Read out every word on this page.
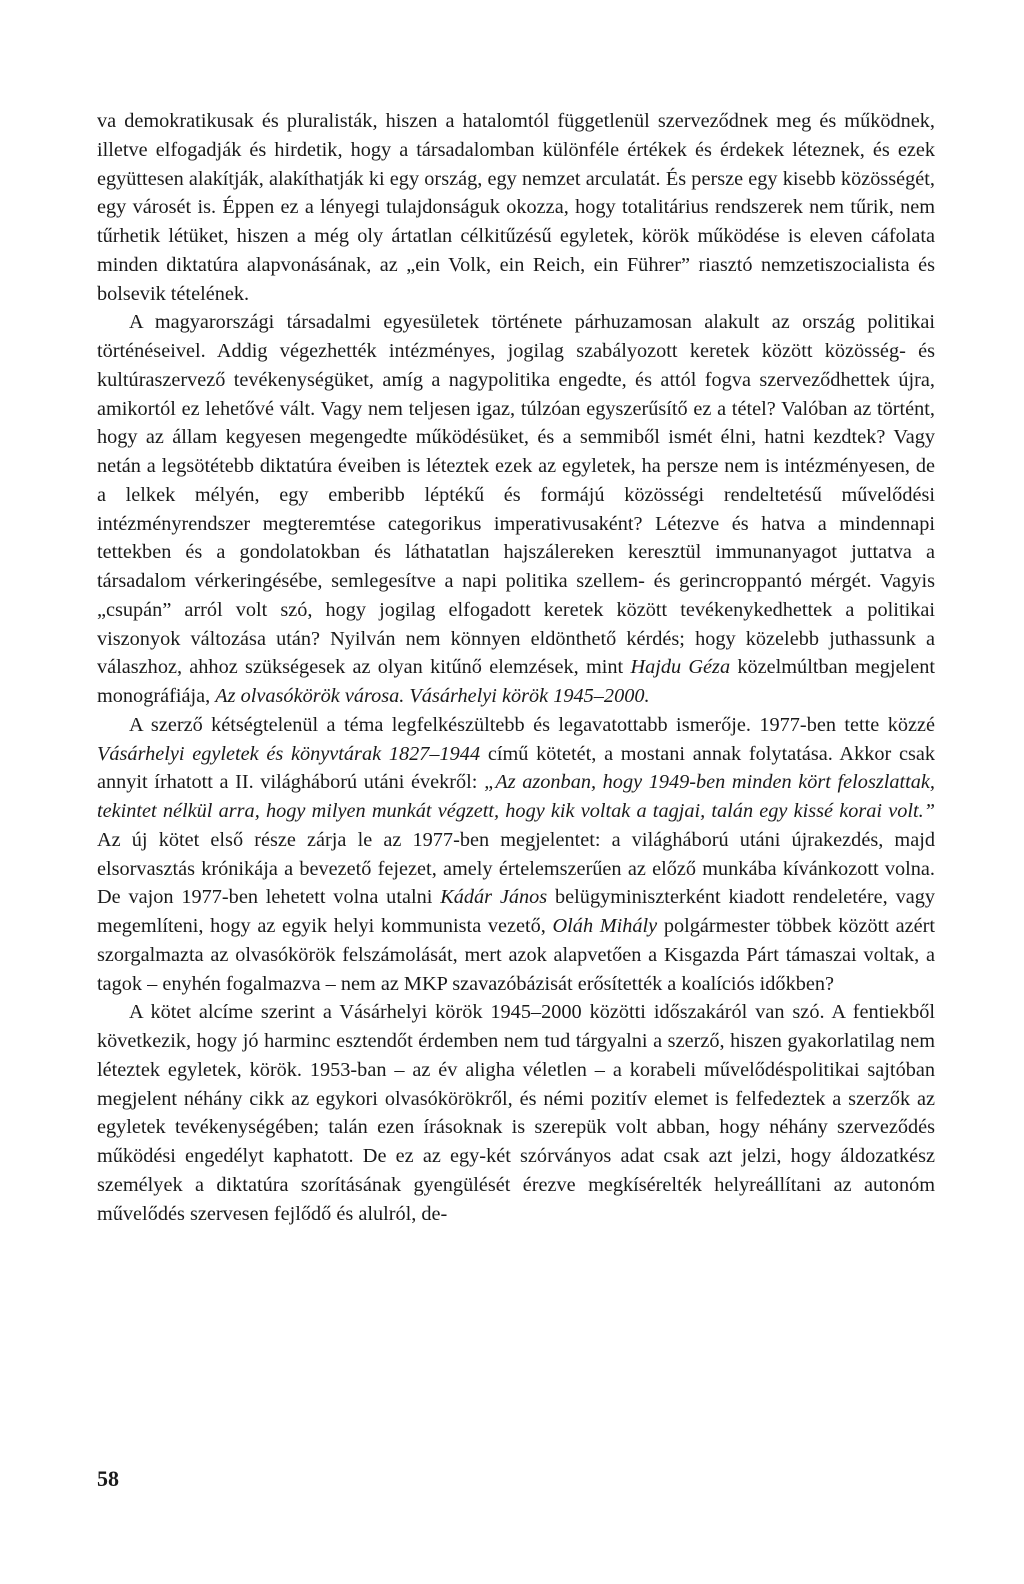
va demokratikusak és pluralisták, hiszen a hatalomtól függetlenül szerveződnek meg és működnek, illetve elfogadják és hirdetik, hogy a társadalomban különféle értékek és érdekek léteznek, és ezek együttesen alakítják, alakíthatják ki egy ország, egy nemzet arculatát. És persze egy kisebb közösségét, egy városét is. Éppen ez a lényegi tulajdonságuk okozza, hogy totalitárius rendszerek nem tűrik, nem tűrhetik létüket, hiszen a még oly ártatlan célkitűzésű egyletek, körök működése is eleven cáfolata minden diktatúra alapvonásának, az „ein Volk, ein Reich, ein Führer” riasztó nemzetiszocialista és bolsevik tételének.

A magyarországi társadalmi egyesületek története párhuzamosan alakult az ország politikai történéseivel. Addig végezhették intézményes, jogilag szabályozott keretek között közösség- és kultúraszervező tevékenységüket, amíg a nagypolitika engedte, és attól fogva szerveződhettek újra, amikortól ez lehetővé vált. Vagy nem teljesen igaz, túlzóan egyszerűsítő ez a tétel? Valóban az történt, hogy az állam kegyesen megengedte működésüket, és a semmiből ismét élni, hatni kezdtek? Vagy netán a legsötétebb diktatúra éveiben is léteztek ezek az egyletek, ha persze nem is intézményesen, de a lelkek mélyén, egy emberibb léptékű és formájú közösségi rendeltetésű művelődési intézményrendszer megteremtése categorikus imperativusaként? Létezve és hatva a mindennapi tettekben és a gondolatokban és láthatatlan hajszálereken keresztül immunanyagot juttatva a társadalom vérkeringésébe, semlegesítve a napi politika szellem- és gerincroppantó mérgét. Vagyis „csupán” arról volt szó, hogy jogilag elfogadott keretek között tevékenykedhettek a politikai viszonyok változása után? Nyilván nem könnyen eldönthető kérdés; hogy közelebb juthassunk a válaszhoz, ahhoz szükségesek az olyan kitűnő elemzések, mint Hajdu Géza közelmúltban megjelent monográfiája, Az olvasókörök városa. Vásárhelyi körök 1945–2000.

A szerző kétségtelenül a téma legfelkészültebb és legavatottabb ismerője. 1977-ben tette közzé Vásárhelyi egyletek és könyvtárak 1827–1944 című kötetét, a mostani annak folytatása. Akkor csak annyit írhatott a II. világháború utáni évekről: „Az azonban, hogy 1949-ben minden kört feloszlattak, tekintet nélkül arra, hogy milyen munkát végzett, hogy kik voltak a tagjai, talán egy kissé korai volt.” Az új kötet első része zárja le az 1977-ben megjelentet: a világháború utáni újrakezdés, majd elsorvasztás krónikája a bevezető fejezet, amely értelemszerűen az előző munkába kívánkozott volna. De vajon 1977-ben lehetett volna utalni Kádár János belügyminiszterként kiadott rendeletére, vagy megemlíteni, hogy az egyik helyi kommunista vezető, Oláh Mihály polgármester többek között azért szorgalmazta az olvasókörök felszámolását, mert azok alapvetően a Kisgazda Párt támaszai voltak, a tagok – enyhén fogalmazva – nem az MKP szavazóbázisát erősítették a koalíciós időkben?

A kötet alcíme szerint a Vásárhelyi körök 1945–2000 közötti időszakáról van szó. A fentiekből következik, hogy jó harminc esztendőt érdemben nem tud tárgyalni a szerző, hiszen gyakorlatilag nem léteztek egyletek, körök. 1953-ban – az év aligha véletlen – a korabeli művelődéspolitikai sajtóban megjelent néhány cikk az egykori olvasókörökről, és némi pozitív elemet is felfedeztek a szerzők az egyletek tevékenységében; talán ezen írásoknak is szerepük volt abban, hogy néhány szerveződés működési engedélyt kaphatott. De ez az egy-két szórványos adat csak azt jelzi, hogy áldozatkész személyek a diktatúra szorításának gyengülését érezve megkísérelték helyreállítani az autonóm művelődés szervesen fejlődő és alulról, de-

58
